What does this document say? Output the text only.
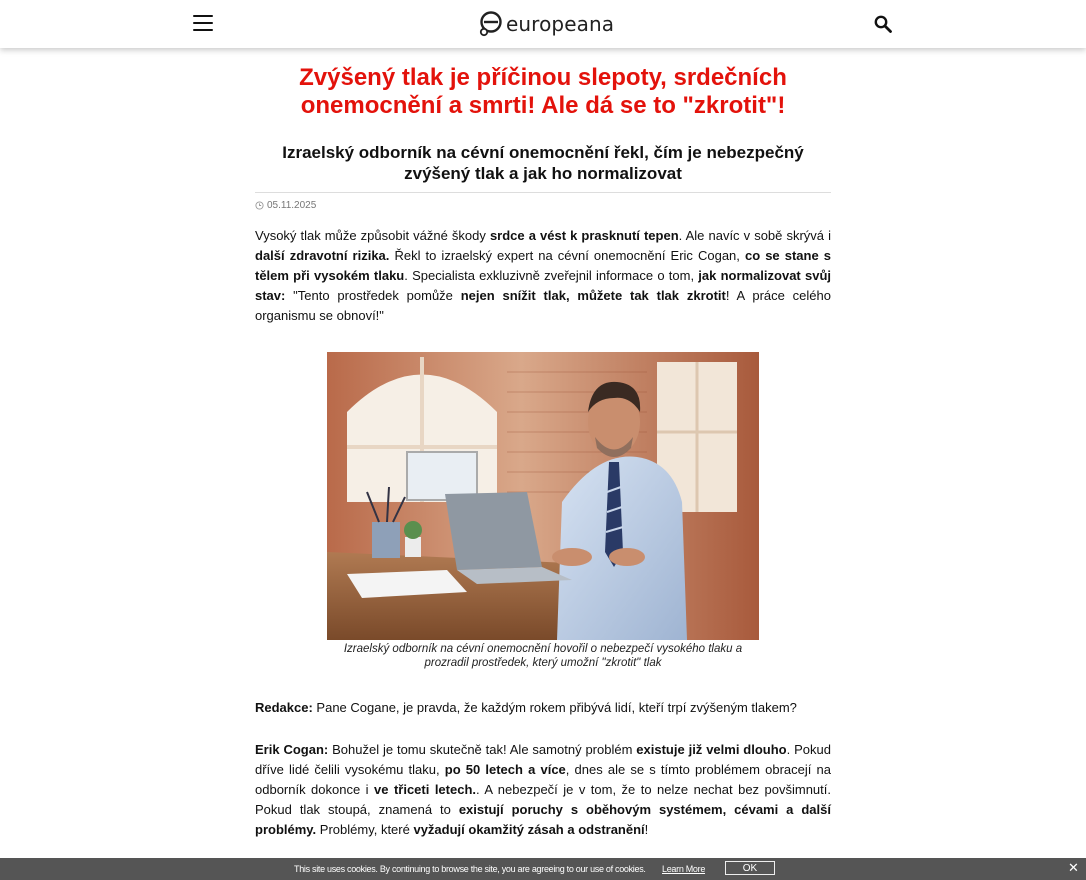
europeana
Zvýšený tlak je příčinou slepoty, srdečních
onemocnění a smrti! Ale dá se to "zkrotit"!
Izraelský odborník na cévní onemocnění řekl, čím je nebezpečný
zvýšený tlak a jak ho normalizovat
05.11.2025

Vysoký tlak může způsobit vážné škody srdce a vést k prasknutí tepen. Ale navíc v sobě skrývá i další zdravotní rizika. Řekl to izraelský expert na cévní onemocnění Eric Cogan, co se stane s tělem při vysokém tlaku. Specialista exkluzivně zveřejnil informace o tom, jak normalizovat svůj stav: "Tento prostředek pomůže nejen snížit tlak, můžete tak tlak zkrotit! A práce celého organismu se obnoví!"

Izraelský odborník na cévní onemocnění hovořil o nebezpečí vysokého tlaku a
prozradil prostředek, který umožní "zkrotit" tlak

Redakce: Pane Cogane, je pravda, že každým rokem přibývá lidí, kteří trpí zvýšeným tlakem?

Erik Cogan: Bohužel je tomu skutečně tak! Ale samotný problém existuje již velmi dlouho. Pokud dříve lidé čelili vysokému tlaku, po 50 letech a více, dnes ale se s tímto problémem obracejí na odborník dokonce i ve třiceti letech.. A nebezpečí je v tom, že to nelze nechat bez povšimnutí. Pokud tlak stoupá, znamená to existují poruchy s oběhovým systémem, cévami a další problémy. Problémy, které vyžadují okamžitý zásah a odstranění!

This site uses cookies. By continuing to browse the site, you are agreeing to our use of cookies. Learn More	OK	✕
